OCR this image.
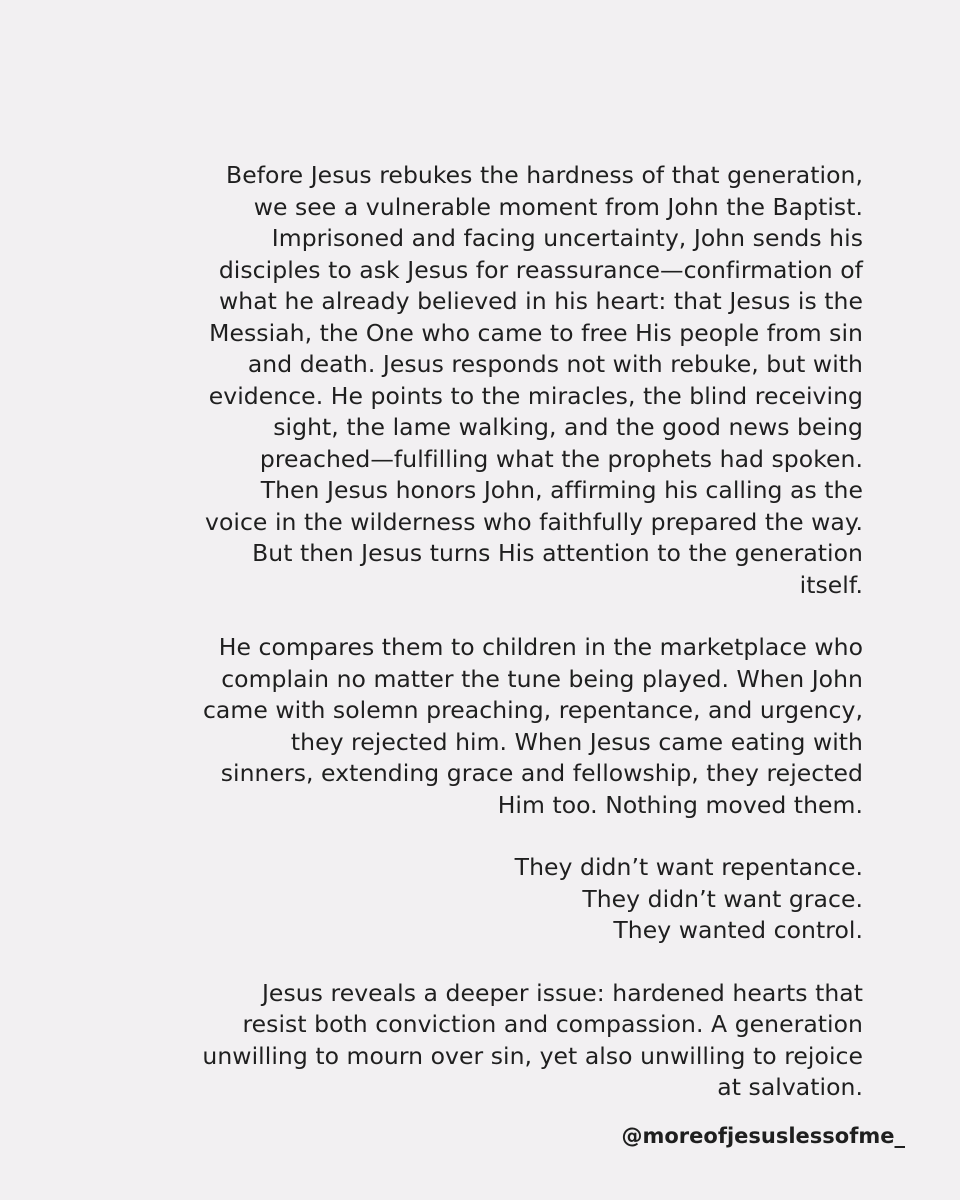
Before Jesus rebukes the hardness of that generation,
we see a vulnerable moment from John the Baptist.
Imprisoned and facing uncertainty, John sends his
disciples to ask Jesus for reassurance—confirmation of
what he already believed in his heart: that Jesus is the
Messiah, the One who came to free His people from sin
and death. Jesus responds not with rebuke, but with
evidence. He points to the miracles, the blind receiving
sight, the lame walking, and the good news being
preached—fulfilling what the prophets had spoken.
Then Jesus honors John, affirming his calling as the
voice in the wilderness who faithfully prepared the way.
But then Jesus turns His attention to the generation
itself.
He compares them to children in the marketplace who
complain no matter the tune being played. When John
came with solemn preaching, repentance, and urgency,
they rejected him. When Jesus came eating with
sinners, extending grace and fellowship, they rejected
Him too. Nothing moved them.
They didn’t want repentance.
They didn’t want grace.
They wanted control.
Jesus reveals a deeper issue: hardened hearts that
resist both conviction and compassion. A generation
unwilling to mourn over sin, yet also unwilling to rejoice
at salvation.
@moreofjesuslessofme_
